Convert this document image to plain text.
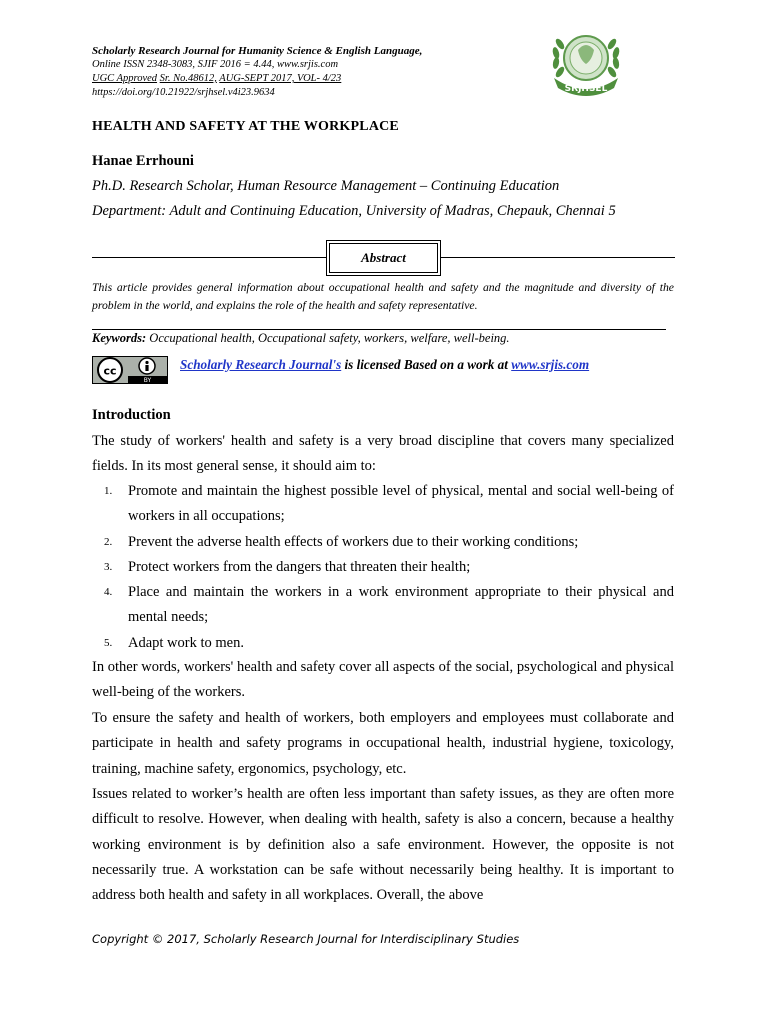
Scholarly Research Journal for Humanity Science & English Language,
Online ISSN 2348-3083, SJIF 2016 = 4.44, www.srjis.com
UGC Approved Sr. No.48612, AUG-SEPT 2017, VOL- 4/23
https://doi.org/10.21922/srjhsel.v4i23.9634	SRJHSEL
HEALTH AND SAFETY AT THE WORKPLACE
Hanae Errhouni
Ph.D. Research Scholar, Human Resource Management – Continuing Education
Department: Adult and Continuing Education, University of Madras, Chepauk, Chennai 5
Abstract
This article provides general information about occupational health and safety and the magnitude and diversity of the problem in the world, and explains the role of the health and safety representative.
Keywords: Occupational health, Occupational safety, workers, welfare, well-being.
cc
BY
Scholarly Research Journal's is licensed Based on a work at www.srjis.com
Introduction
The study of workers' health and safety is a very broad discipline that covers many specialized fields. In its most general sense, it should aim to:
1. Promote and maintain the highest possible level of physical, mental and social well-being of workers in all occupations;
2. Prevent the adverse health effects of workers due to their working conditions;
3. Protect workers from the dangers that threaten their health;
4. Place and maintain the workers in a work environment appropriate to their physical and mental needs;
5. Adapt work to men.
In other words, workers' health and safety cover all aspects of the social, psychological and physical well-being of the workers.
To ensure the safety and health of workers, both employers and employees must collaborate and participate in health and safety programs in occupational health, industrial hygiene, toxicology, training, machine safety, ergonomics, psychology, etc.
Issues related to worker’s health are often less important than safety issues, as they are often more difficult to resolve. However, when dealing with health, safety is also a concern, because a healthy working environment is by definition also a safe environment. However, the opposite is not necessarily true. A workstation can be safe without necessarily being healthy. It is important to address both health and safety in all workplaces. Overall, the above
Copyright © 2017, Scholarly Research Journal for Interdisciplinary Studies
